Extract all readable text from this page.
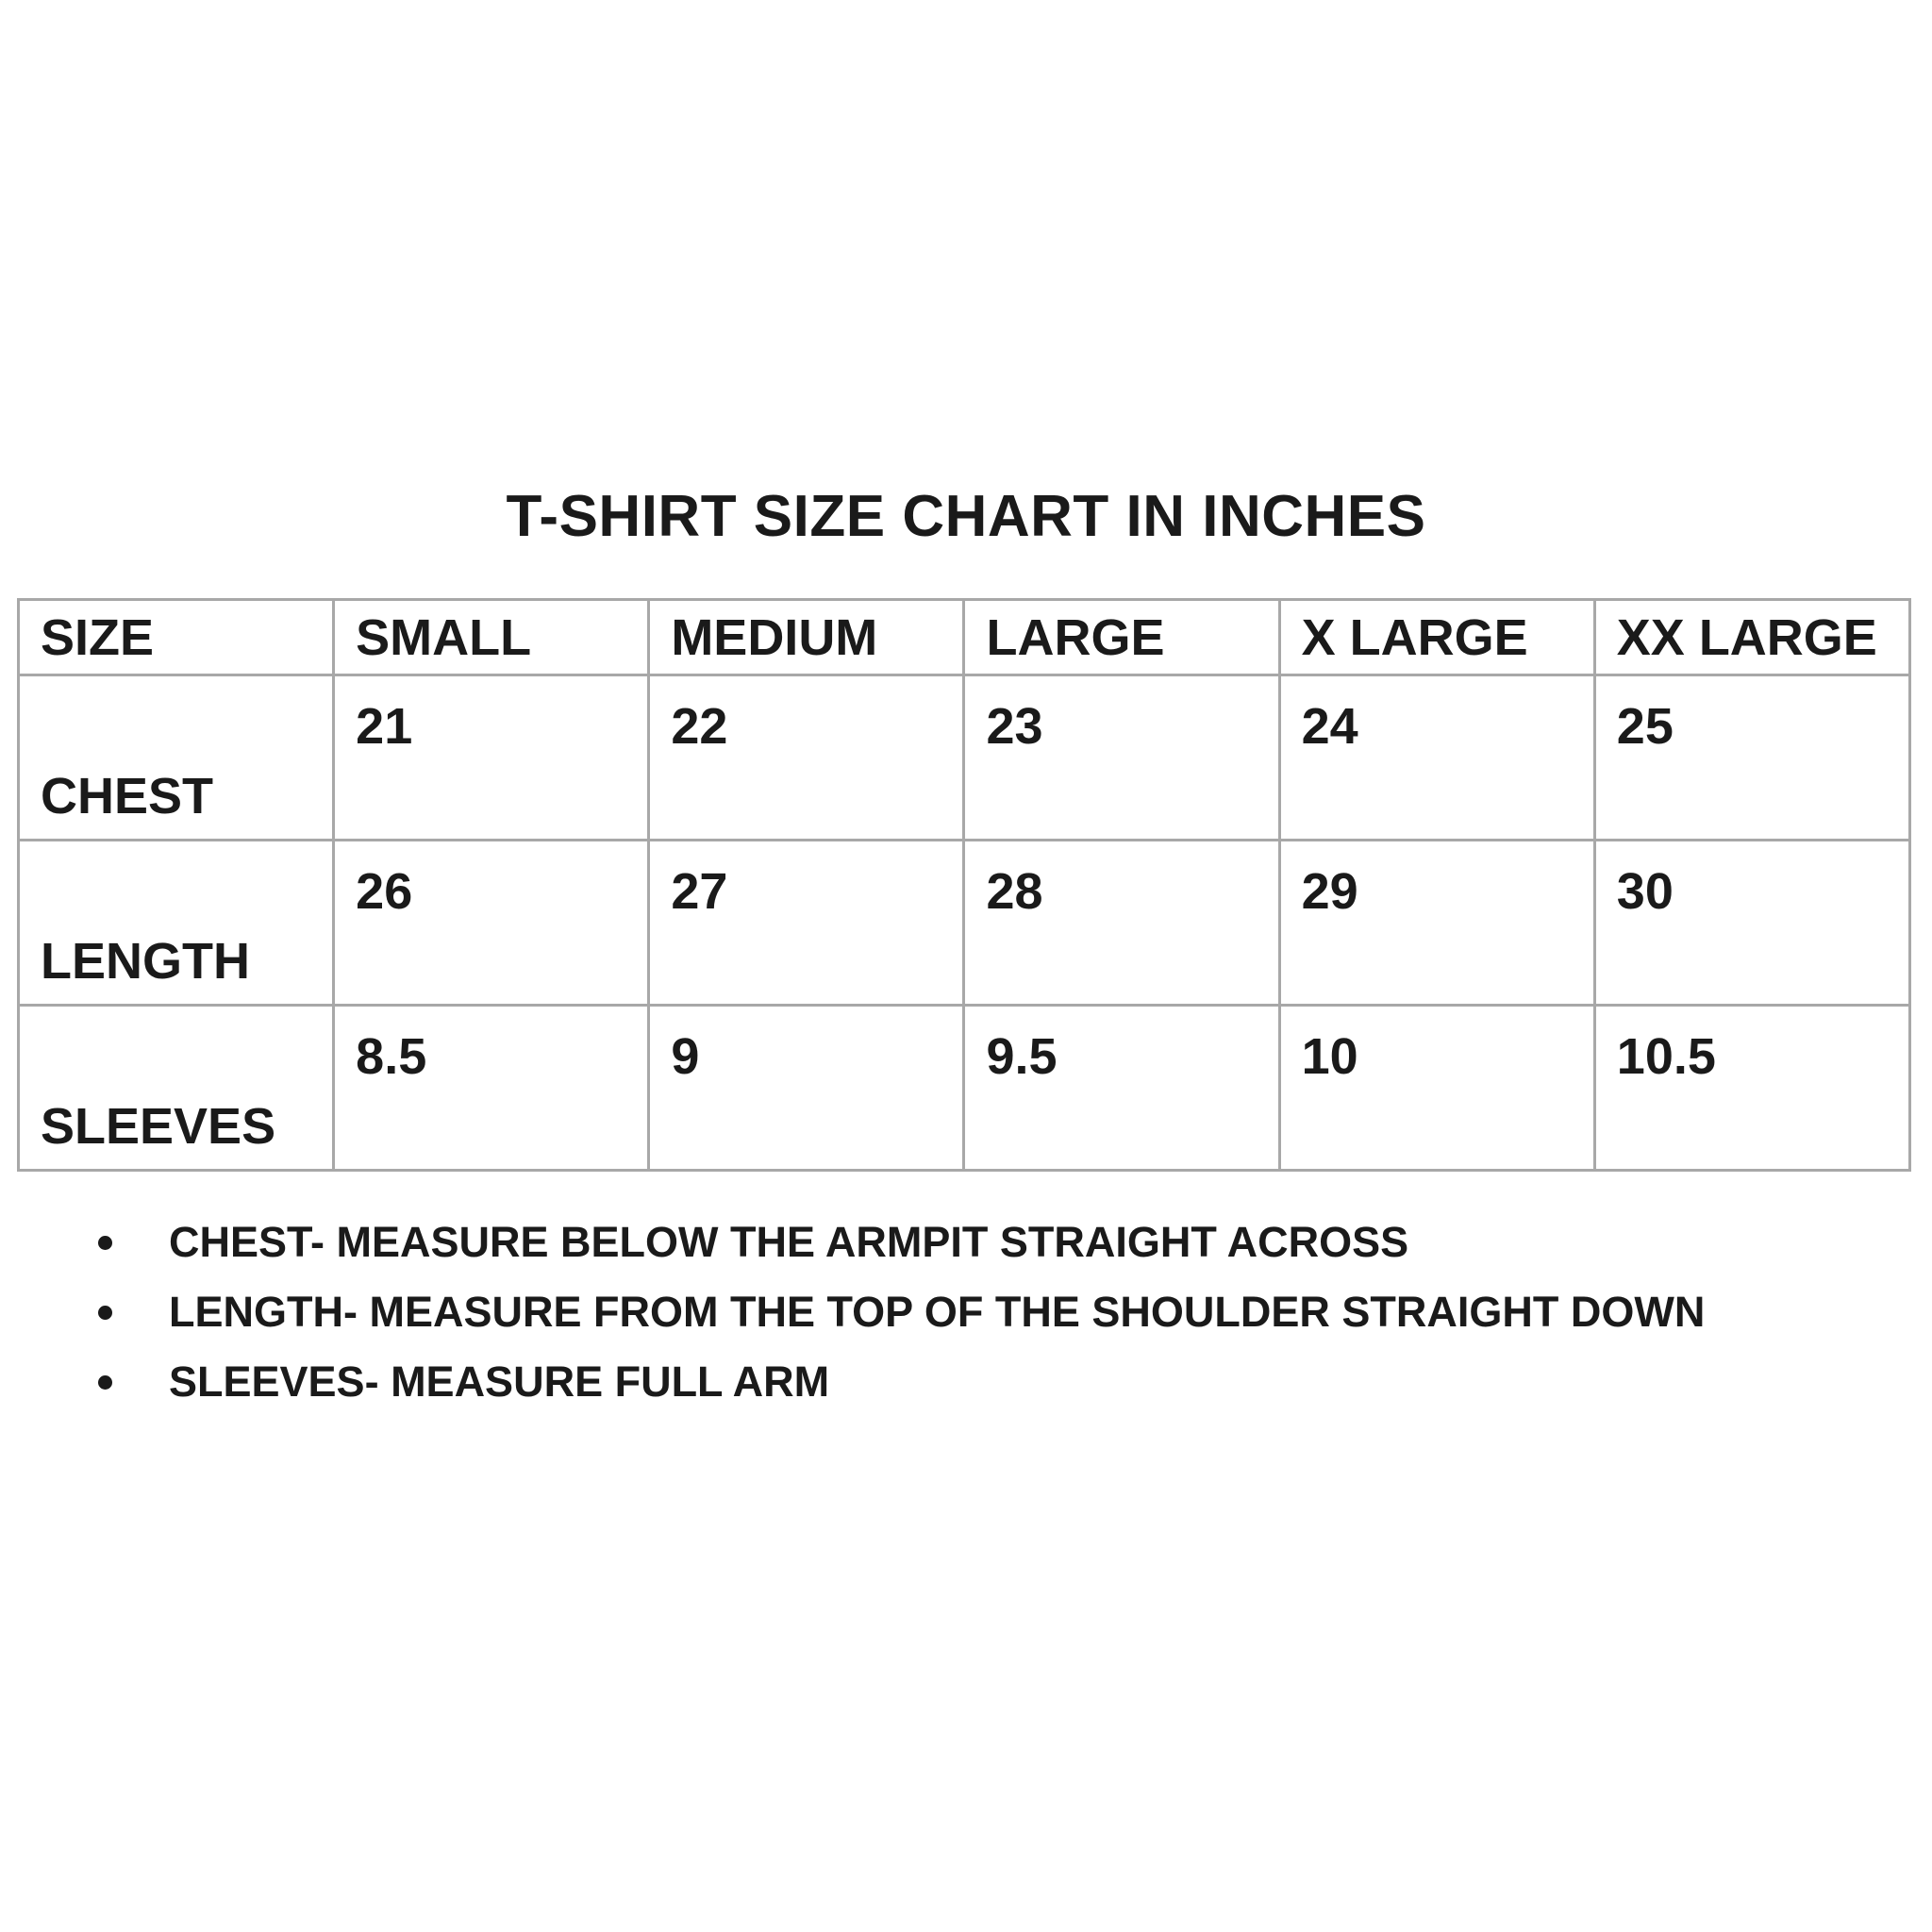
T-SHIRT SIZE CHART IN INCHES
SIZE	SMALL	MEDIUM	LARGE	X LARGE	XX LARGE
CHEST	21	22	23	24	25
LENGTH	26	27	28	29	30
SLEEVES	8.5	9	9.5	10	10.5
CHEST- MEASURE BELOW THE ARMPIT STRAIGHT ACROSS
LENGTH- MEASURE FROM THE TOP OF THE SHOULDER STRAIGHT DOWN
SLEEVES- MEASURE FULL ARM
